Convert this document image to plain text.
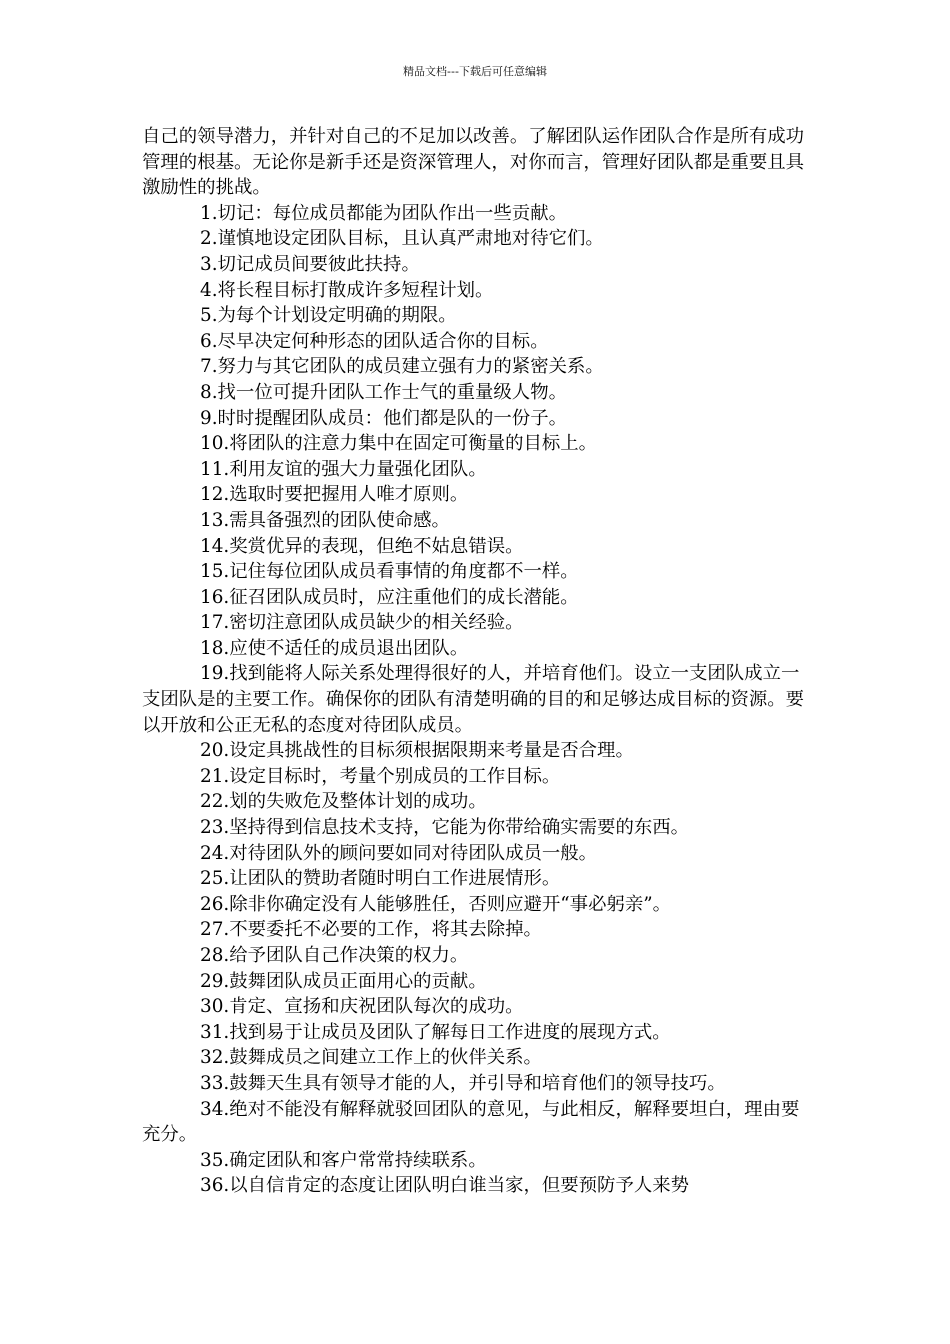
精品文档---下载后可任意编辑

自己的领导潜力，并针对自己的不足加以改善。了解团队运作团队合作是所有成功管理的根基。无论你是新手还是资深管理人，对你而言，管理好团队都是重要且具激励性的挑战。

1.切记：每位成员都能为团队作出一些贡献。

2.谨慎地设定团队目标，且认真严肃地对待它们。

3.切记成员间要彼此扶持。

4.将长程目标打散成许多短程计划。

5.为每个计划设定明确的期限。

6.尽早决定何种形态的团队适合你的目标。

7.努力与其它团队的成员建立强有力的紧密关系。

8.找一位可提升团队工作士气的重量级人物。

9.时时提醒团队成员：他们都是队的一份子。

10.将团队的注意力集中在固定可衡量的目标上。

11.利用友谊的强大力量强化团队。

12.选取时要把握用人唯才原则。

13.需具备强烈的团队使命感。

14.奖赏优异的表现，但绝不姑息错误。

15.记住每位团队成员看事情的角度都不一样。

16.征召团队成员时，应注重他们的成长潜能。

17.密切注意团队成员缺少的相关经验。

18.应使不适任的成员退出团队。

19.找到能将人际关系处理得很好的人，并培育他们。设立一支团队成立一支团队是的主要工作。确保你的团队有清楚明确的目的和足够达成目标的资源。要以开放和公正无私的态度对待团队成员。

20.设定具挑战性的目标须根据限期来考量是否合理。

21.设定目标时，考量个别成员的工作目标。

22.划的失败危及整体计划的成功。

23.坚持得到信息技术支持，它能为你带给确实需要的东西。

24.对待团队外的顾问要如同对待团队成员一般。

25.让团队的赞助者随时明白工作进展情形。

26.除非你确定没有人能够胜任，否则应避开“事必躬亲”。

27.不要委托不必要的工作，将其去除掉。

28.给予团队自己作决策的权力。

29.鼓舞团队成员正面用心的贡献。

30.肯定、宣扬和庆祝团队每次的成功。

31.找到易于让成员及团队了解每日工作进度的展现方式。

32.鼓舞成员之间建立工作上的伙伴关系。

33.鼓舞天生具有领导才能的人，并引导和培育他们的领导技巧。

34.绝对不能没有解释就驳回团队的意见，与此相反，解释要坦白，理由要充分。

35.确定团队和客户常常持续联系。

36.以自信肯定的态度让团队明白谁当家，但要预防予人来势
